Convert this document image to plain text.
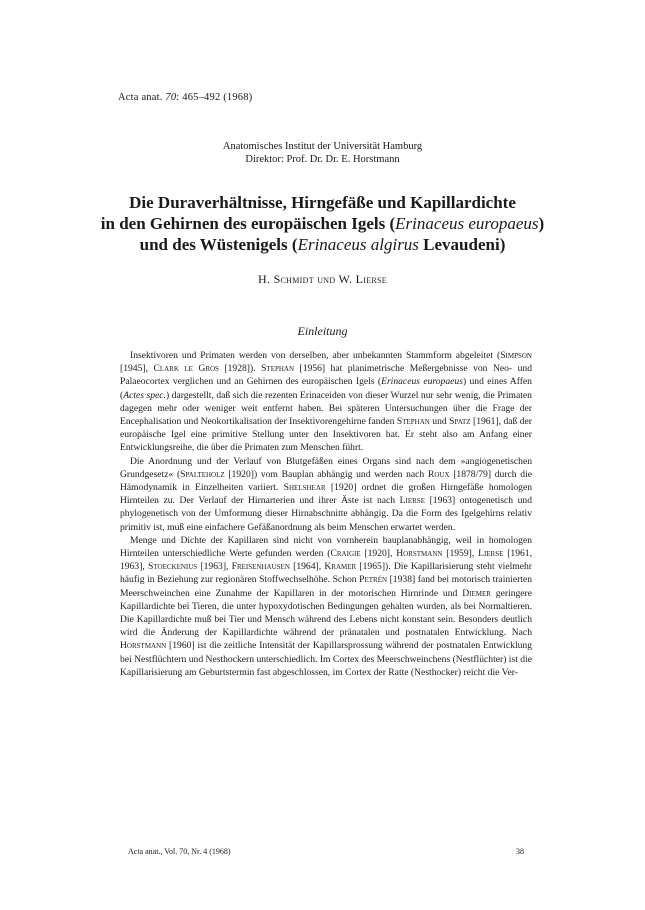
Acta anat. 70: 465–492 (1968)
Anatomisches Institut der Universität Hamburg
Direktor: Prof. Dr. Dr. E. Horstmann
Die Duraverhältnisse, Hirngefäße und Kapillardichte
in den Gehirnen des europäischen Igels (Erinaceus europaeus)
und des Wüstenigels (Erinaceus algirus Levaudeni)
H. Schmidt und W. Lierse
Einleitung

Insektivoren und Primaten werden von derselben, aber unbekannten Stammform abgeleitet (Simpson [1945], Clark le Gros [1928]). Stephan [1956] hat planimetrische Meßergebnisse von Neo- und Palaeocortex verglichen und an Gehirnen des europäischen Igels (Erinaceus europaeus) und eines Affen (Actes spec.) dargestellt, daß sich die rezenten Erinaceiden von dieser Wurzel nur sehr wenig, die Primaten dagegen mehr oder weniger weit entfernt haben. Bei späteren Untersuchungen über die Frage der Encephalisation und Neokortikalisation der Insektivorengehirne fanden Stephan und Spatz [1961], daß der europäische Igel eine primitive Stellung unter den Insektivoren hat. Er steht also am Anfang einer Entwicklungsreihe, die über die Primaten zum Menschen führt.

Die Anordnung und der Verlauf von Blutgefäßen eines Organs sind nach dem »angiogenetischen Grundgesetz« (Spalteholz [1920]) vom Bauplan abhängig und werden nach Roux [1878/79] durch die Hämodynamik in Einzelheiten variiert. Shelshear [1920] ordnet die großen Hirngefäße homologen Hirnteilen zu. Der Verlauf der Hirnarterien und ihrer Äste ist nach Lierse [1963] ontogenetisch und phylogenetisch von der Umformung dieser Hirnabschnitte abhängig. Da die Form des Igelgehirns relativ primitiv ist, muß eine einfachere Gefäßanordnung als beim Menschen erwartet werden.

Menge und Dichte der Kapillaren sind nicht von vornherein bauplanabhängig, weil in homologen Hirnteilen unterschiedliche Werte gefunden werden (Craigie [1920], Horstmann [1959], Lierse [1961, 1963], Stoeckenius [1963], Freisenhausen [1964], Kramer [1965]). Die Kapillarisierung steht vielmehr häufig in Beziehung zur regionären Stoffwechselhöhe. Schon Petrén [1938] fand bei motorisch trainierten Meerschweinchen eine Zunahme der Kapillaren in der motorischen Hirnrinde und Diemer geringere Kapillardichte bei Tieren, die unter hypoxydotischen Bedingungen gehalten wurden, als bei Normaltieren. Die Kapillardichte muß bei Tier und Mensch während des Lebens nicht konstant sein. Besonders deutlich wird die Änderung der Kapillardichte während der pränatalen und postnatalen Entwicklung. Nach Horstmann [1960] ist die zeitliche Intensität der Kapillarsprossung während der postnatalen Entwicklung bei Nestflüchtern und Nesthockern unterschiedlich. Im Cortex des Meerschweinchens (Nestflüchter) ist die Kapillarisierung am Geburtstermin fast abgeschlossen, im Cortex der Ratte (Nesthocker) reicht die Ver-

Acta anat., Vol. 70, Nr. 4 (1968)	38
